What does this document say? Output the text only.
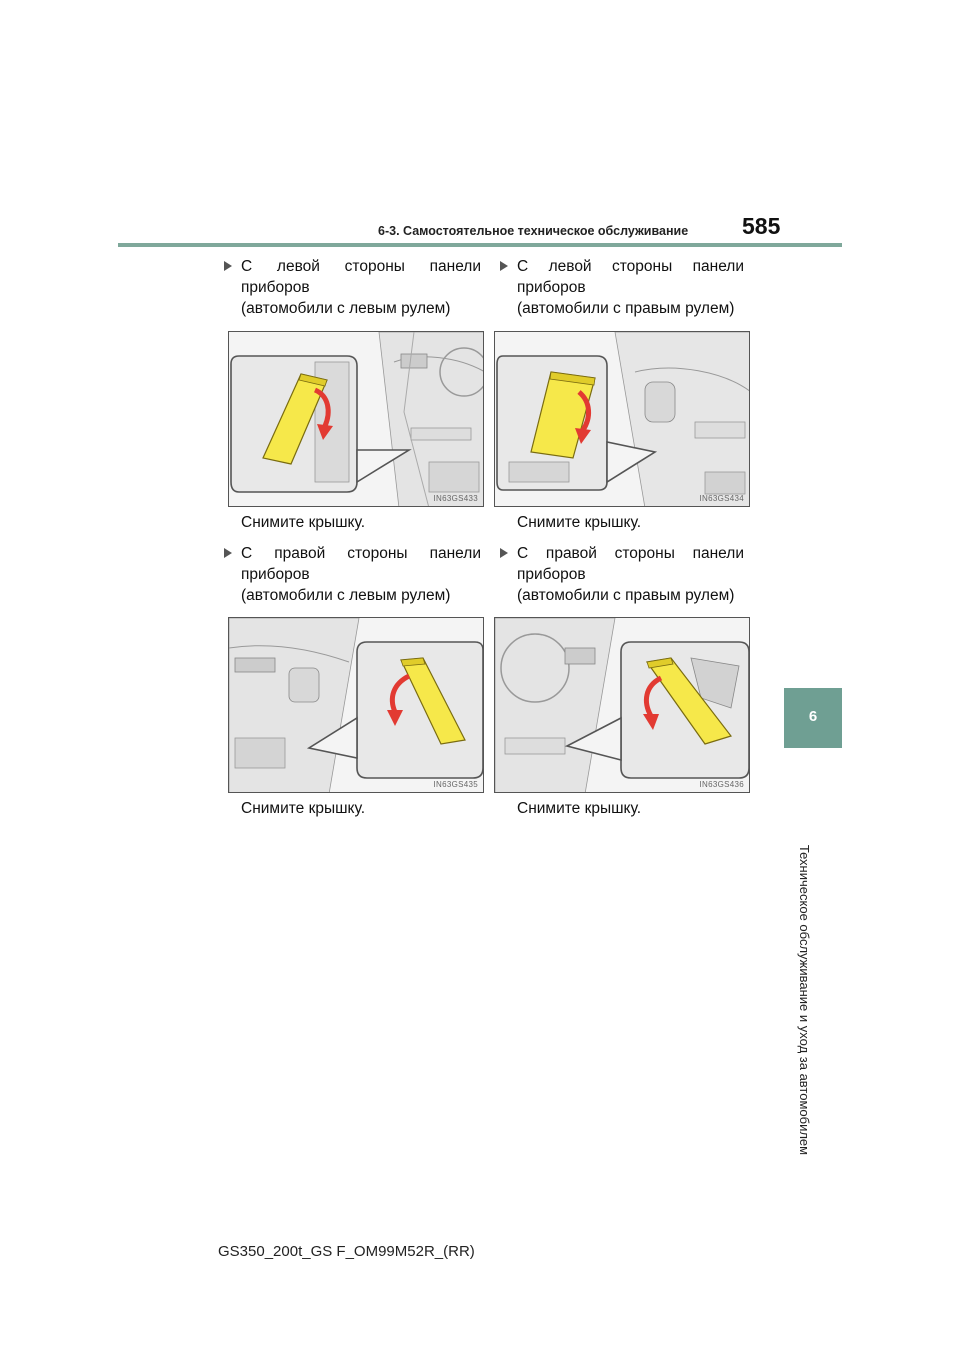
6-3. Самостоятельное техническое обслуживание 585
6
Техническое обслуживание и уход за автомобилем
С левой стороны панели
приборов
(автомобили с левым рулем)
С левой стороны панели
приборов
(автомобили с правым рулем)
IN63GS433	IN63GS434
Снимите крышку.	Снимите крышку.
С правой стороны панели
приборов
(автомобили с левым рулем)
С правой стороны панели
приборов
(автомобили с правым рулем)
IN63GS435	IN63GS436
Снимите крышку.	Снимите крышку.
GS350_200t_GS F_OM99M52R_(RR)
